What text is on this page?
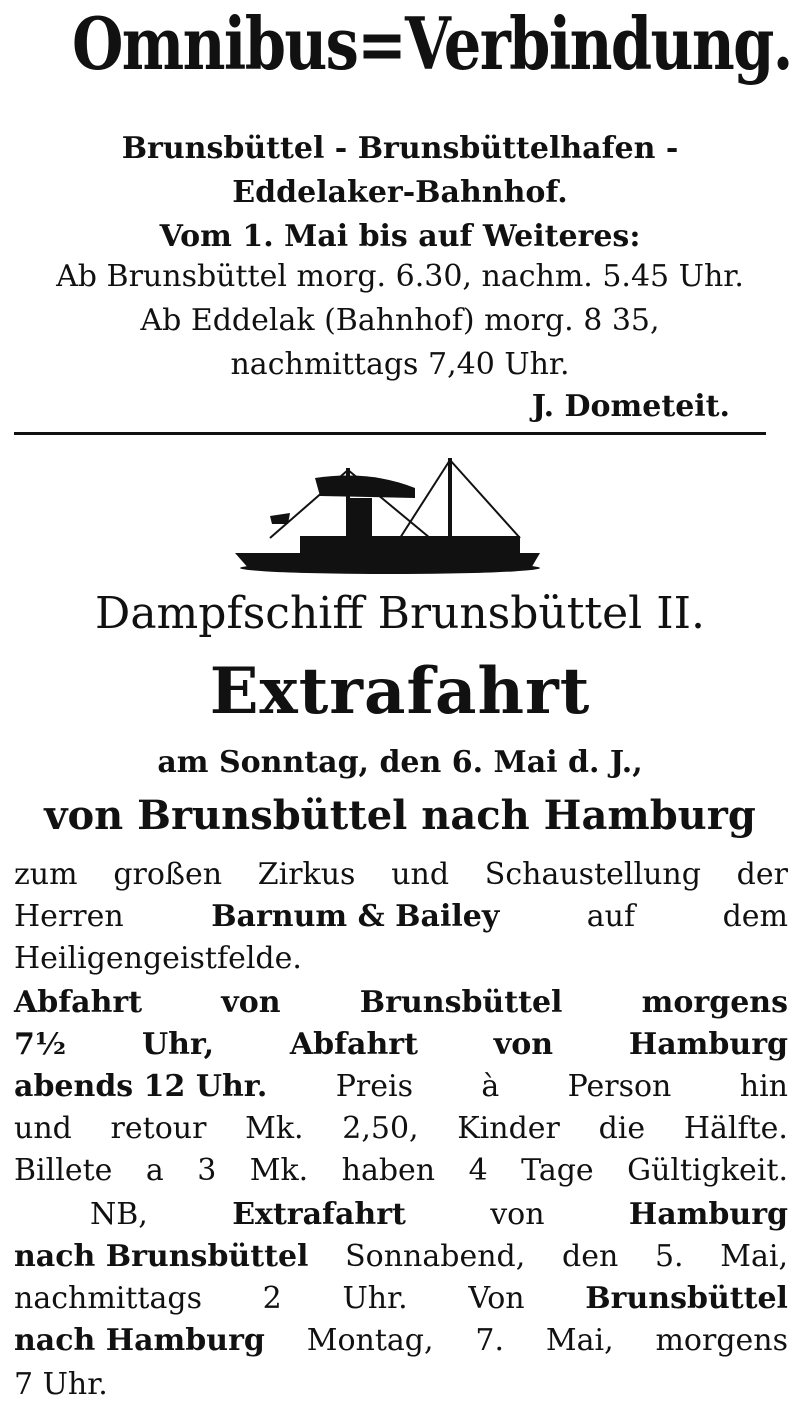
Omnibus=Verbindung.
Brunsbüttel - Brunsbüttelhafen -
Eddelaker-Bahnhof.
Vom 1. Mai bis auf Weiteres:
Ab Brunsbüttel morg. 6.30, nachm. 5.45 Uhr.
Ab Eddelak (Bahnhof) morg. 8 35,
nachmittags 7,40 Uhr.
J. Dometeit.
Dampfschiff Brunsbüttel II.
Extrafahrt
am Sonntag, den 6. Mai d. J.,
von Brunsbüttel nach Hamburg
zum großen Zirkus und Schaustellung der
Herren	Barnum & Bailey	auf	dem
Heiligengeistfelde.
Abfahrt	von	Brunsbüttel	morgens
7½	Uhr,	Abfahrt	von	Hamburg
abends 12 Uhr. Preis à Person hin
und retour Mk. 2,50, Kinder die Hälfte.
Billete a 3 Mk. haben 4 Tage Gültigkeit.
NB,	Extrafahrt	von	Hamburg
nach Brunsbüttel Sonnabend, den 5. Mai,
nachmittags 2 Uhr. Von Brunsbüttel
nach Hamburg Montag, 7. Mai, morgens
7 Uhr.
